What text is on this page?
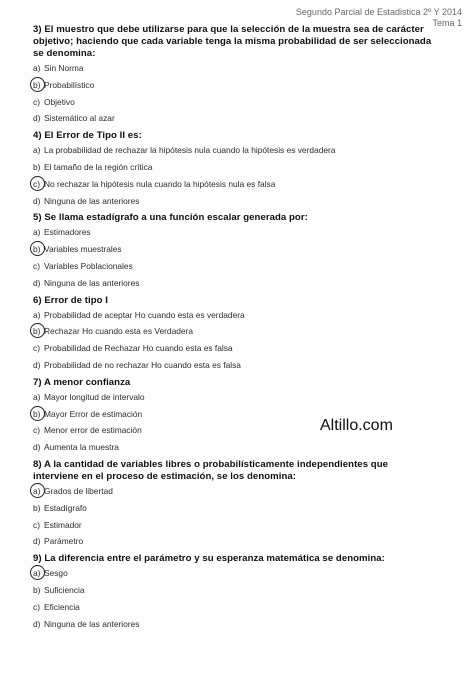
Segundo Parcial de Estadistica 2º Y 2014
Tema 1
3) El muestro que debe utilizarse para que la selección de la muestra sea de carácter
objetivo; haciendo que cada variable tenga la misma probabilidad de ser seleccionada
se denomina:
a) Sin Norma
b) Probabilístico
c) Objetivo
d) Sistemático al azar
4) El Error de Tipo II es:
a) La probabilidad de rechazar la hipótesis nula cuando la hipótesis es verdadera
b) El tamaño de la región crítica
c) No rechazar la hipótesis nula cuando la hipótesis nula es falsa
d) Ninguna de las anteriores
5) Se llama estadígrafo a una función escalar generada por:
a) Estimadores
b) Variables muestrales
c) Variables Poblacionales
d) Ninguna de las anteriores
6) Error de tipo I
a) Probabilidad de aceptar Ho cuando esta es verdadera
b) Rechazar Ho cuando esta es Verdadera
c) Probabilidad de Rechazar Ho cuando esta es falsa
d) Probabilidad de no rechazar Ho cuando esta es falsa
7) A menor confianza
a) Mayor longitud de intervalo
b) Mayor Error de estimación
c) Menor error de estimación
d) Aumenta la muestra
8) A la cantidad de variables libres o probabilísticamente independientes que
interviene en el proceso de estimación, se los denomina:
a) Grados de libertad
b) Estadígrafo
c) Estimador
d) Parámetro
9) La diferencia entre el parámetro y su esperanza matemática se denomina:
a) Sesgo
b) Suficiencia
c) Eficiencia
d) Ninguna de las anteriores
Altillo.com
